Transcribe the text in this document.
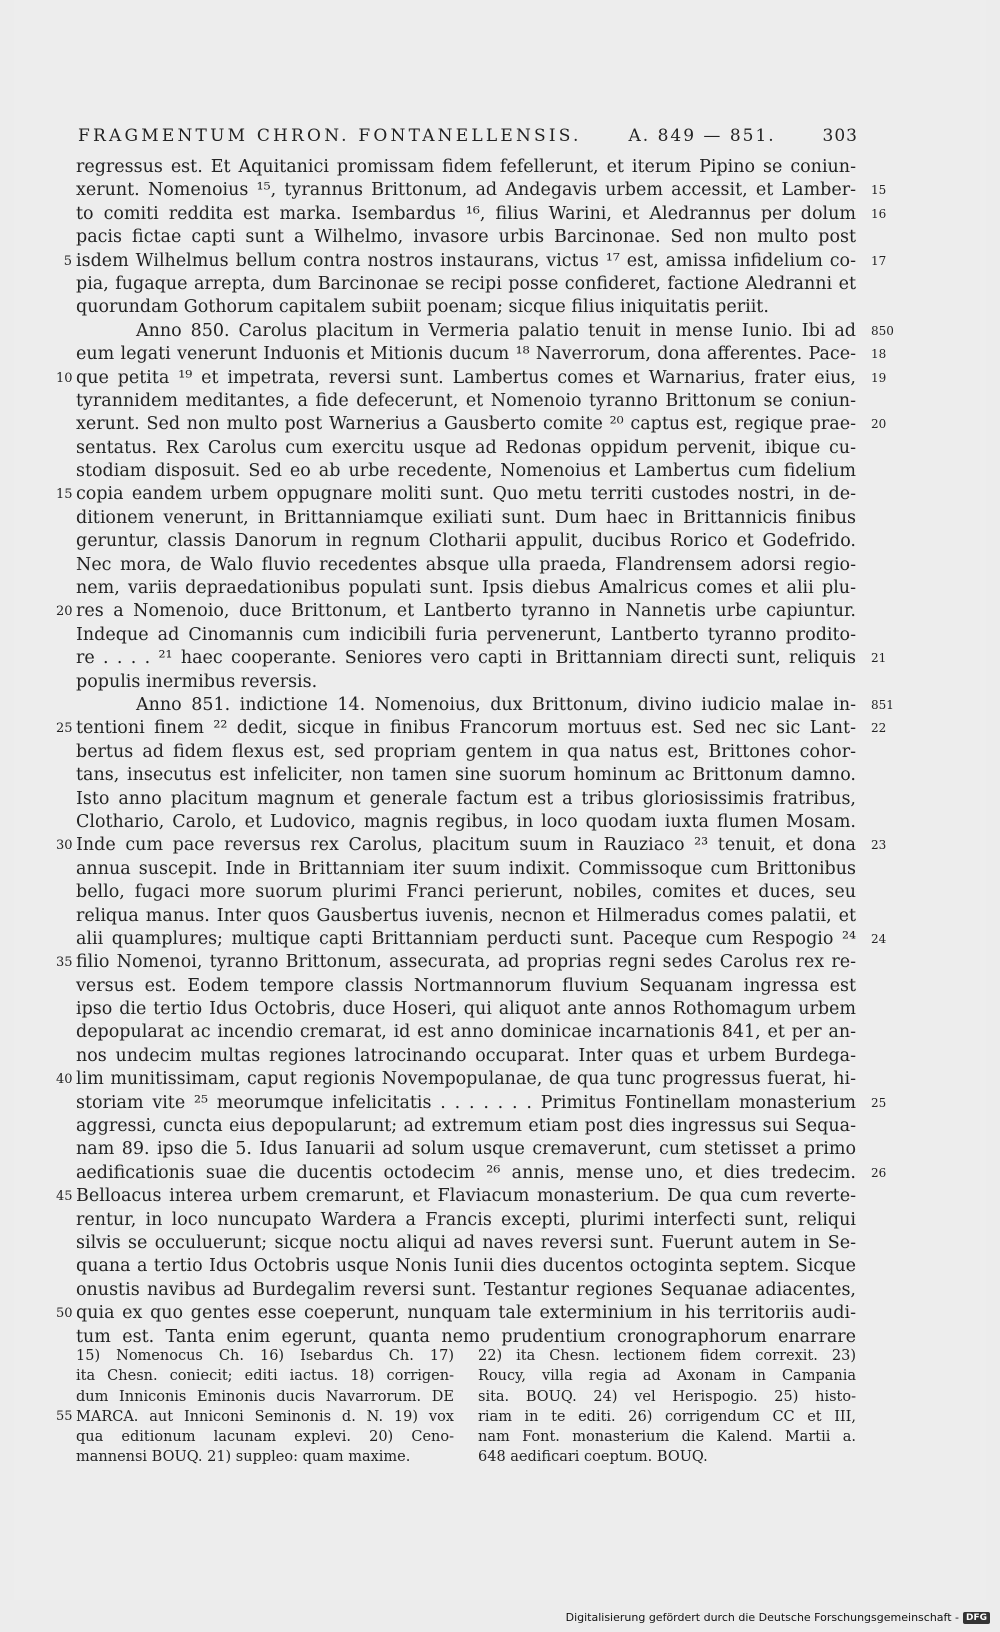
FRAGMENTUM CHRON. FONTANELLENSIS.	A. 849 — 851.	303
regressus est. Et Aquitanici promissam fidem fefellerunt, et iterum Pipino se coniun-
xerunt. Nomenoius ¹⁵, tyrannus Brittonum, ad Andegavis urbem accessit, et Lamber- 15
to comiti reddita est marka. Isembardus ¹⁶, filius Warini, et Aledrannus per dolum 16
pacis fictae capti sunt a Wilhelmo, invasore urbis Barcinonae. Sed non multo post
5 isdem Wilhelmus bellum contra nostros instaurans, victus ¹⁷ est, amissa infidelium co- 17
pia, fugaque arrepta, dum Barcinonae se recipi posse confideret, factione Aledranni et
quorundam Gothorum capitalem subiit poenam; sicque filius iniquitatis periit.
Anno 850. Carolus placitum in Vermeria palatio tenuit in mense Iunio. Ibi ad 850
eum legati venerunt Induonis et Mitionis ducum ¹⁸ Naverrorum, dona afferentes. Pace- 18
10 que petita ¹⁹ et impetrata, reversi sunt. Lambertus comes et Warnarius, frater eius, 19
tyrannidem meditantes, a fide defecerunt, et Nomenoio tyranno Brittonum se coniun-
xerunt. Sed non multo post Warnerius a Gausberto comite ²⁰ captus est, regique prae- 20
sentatus. Rex Carolus cum exercitu usque ad Redonas oppidum pervenit, ibique cu-
stodiam disposuit. Sed eo ab urbe recedente, Nomenoius et Lambertus cum fidelium
15 copia eandem urbem oppugnare moliti sunt. Quo metu territi custodes nostri, in de-
ditionem venerunt, in Brittanniamque exiliati sunt. Dum haec in Brittannicis finibus
geruntur, classis Danorum in regnum Clotharii appulit, ducibus Rorico et Godefrido.
Nec mora, de Walo fluvio recedentes absque ulla praeda, Flandrensem adorsi regio-
nem, variis depraedationibus populati sunt. Ipsis diebus Amalricus comes et alii plu-
20 res a Nomenoio, duce Brittonum, et Lantberto tyranno in Nannetis urbe capiuntur.
Indeque ad Cinomannis cum indicibili furia pervenerunt, Lantberto tyranno prodito-
re . . . . ²¹ haec cooperante. Seniores vero capti in Brittanniam directi sunt, reliquis 21
populis inermibus reversis.
Anno 851. indictione 14. Nomenoius, dux Brittonum, divino iudicio malae in- 851
25 tentioni finem ²² dedit, sicque in finibus Francorum mortuus est. Sed nec sic Lant- 22
bertus ad fidem flexus est, sed propriam gentem in qua natus est, Brittones cohor-
tans, insecutus est infeliciter, non tamen sine suorum hominum ac Brittonum damno.
Isto anno placitum magnum et generale factum est a tribus gloriosissimis fratribus,
Clothario, Carolo, et Ludovico, magnis regibus, in loco quodam iuxta flumen Mosam.
30 Inde cum pace reversus rex Carolus, placitum suum in Rauziaco ²³ tenuit, et dona 23
annua suscepit. Inde in Brittanniam iter suum indixit. Commissoque cum Brittonibus
bello, fugaci more suorum plurimi Franci perierunt, nobiles, comites et duces, seu
reliqua manus. Inter quos Gausbertus iuvenis, necnon et Hilmeradus comes palatii, et
alii quamplures; multique capti Brittanniam perducti sunt. Paceque cum Respogio ²⁴ 24
35 filio Nomenoi, tyranno Brittonum, assecurata, ad proprias regni sedes Carolus rex re-
versus est. Eodem tempore classis Nortmannorum fluvium Sequanam ingressa est
ipso die tertio Idus Octobris, duce Hoseri, qui aliquot ante annos Rothomagum urbem
depopularat ac incendio cremarat, id est anno dominicae incarnationis 841, et per an-
nos undecim multas regiones latrocinando occuparat. Inter quas et urbem Burdega-
40 lim munitissimam, caput regionis Novempopulanae, de qua tunc progressus fuerat, hi-
storiam vite ²⁵ meorumque infelicitatis . . . . . . . Primitus Fontinellam monasterium 25
aggressi, cuncta eius depopularunt; ad extremum etiam post dies ingressus sui Sequa-
nam 89. ipso die 5. Idus Ianuarii ad solum usque cremaverunt, cum stetisset a primo
aedificationis suae die ducentis octodecim ²⁶ annis, mense uno, et dies tredecim. 26
45 Belloacus interea urbem cremarunt, et Flaviacum monasterium. De qua cum reverte-
rentur, in loco nuncupato Wardera a Francis excepti, plurimi interfecti sunt, reliqui
silvis se occuluerunt; sicque noctu aliqui ad naves reversi sunt. Fuerunt autem in Se-
quana a tertio Idus Octobris usque Nonis Iunii dies ducentos octoginta septem. Sicque
onustis navibus ad Burdegalim reversi sunt. Testantur regiones Sequanae adiacentes,
50 quia ex quo gentes esse coeperunt, nunquam tale exterminium in his territoriis audi-
tum est. Tanta enim egerunt, quanta nemo prudentium cronographorum enarrare
15) Nomenocus Ch. 16) Isebardus Ch. 17)
ita Chesn. coniecit; editi iactus. 18) corrigen-
dum Inniconis Eminonis ducis Navarrorum. DE
55 MARCA. aut Inniconi Seminonis d. N. 19) vox
qua editionum lacunam explevi. 20) Ceno-
mannensi BOUQ. 21) suppleo: quam maxime.
22) ita Chesn. lectionem fidem correxit. 23)
Roucy, villa regia ad Axonam in Campania
sita. BOUQ. 24) vel Herispogio. 25) histo-
riam in te editi. 26) corrigendum CC et III,
nam Font. monasterium die Kalend. Martii a.
648 aedificari coeptum. BOUQ.
Digitalisierung gefördert durch die Deutsche Forschungsgemeinschaft - DFG
